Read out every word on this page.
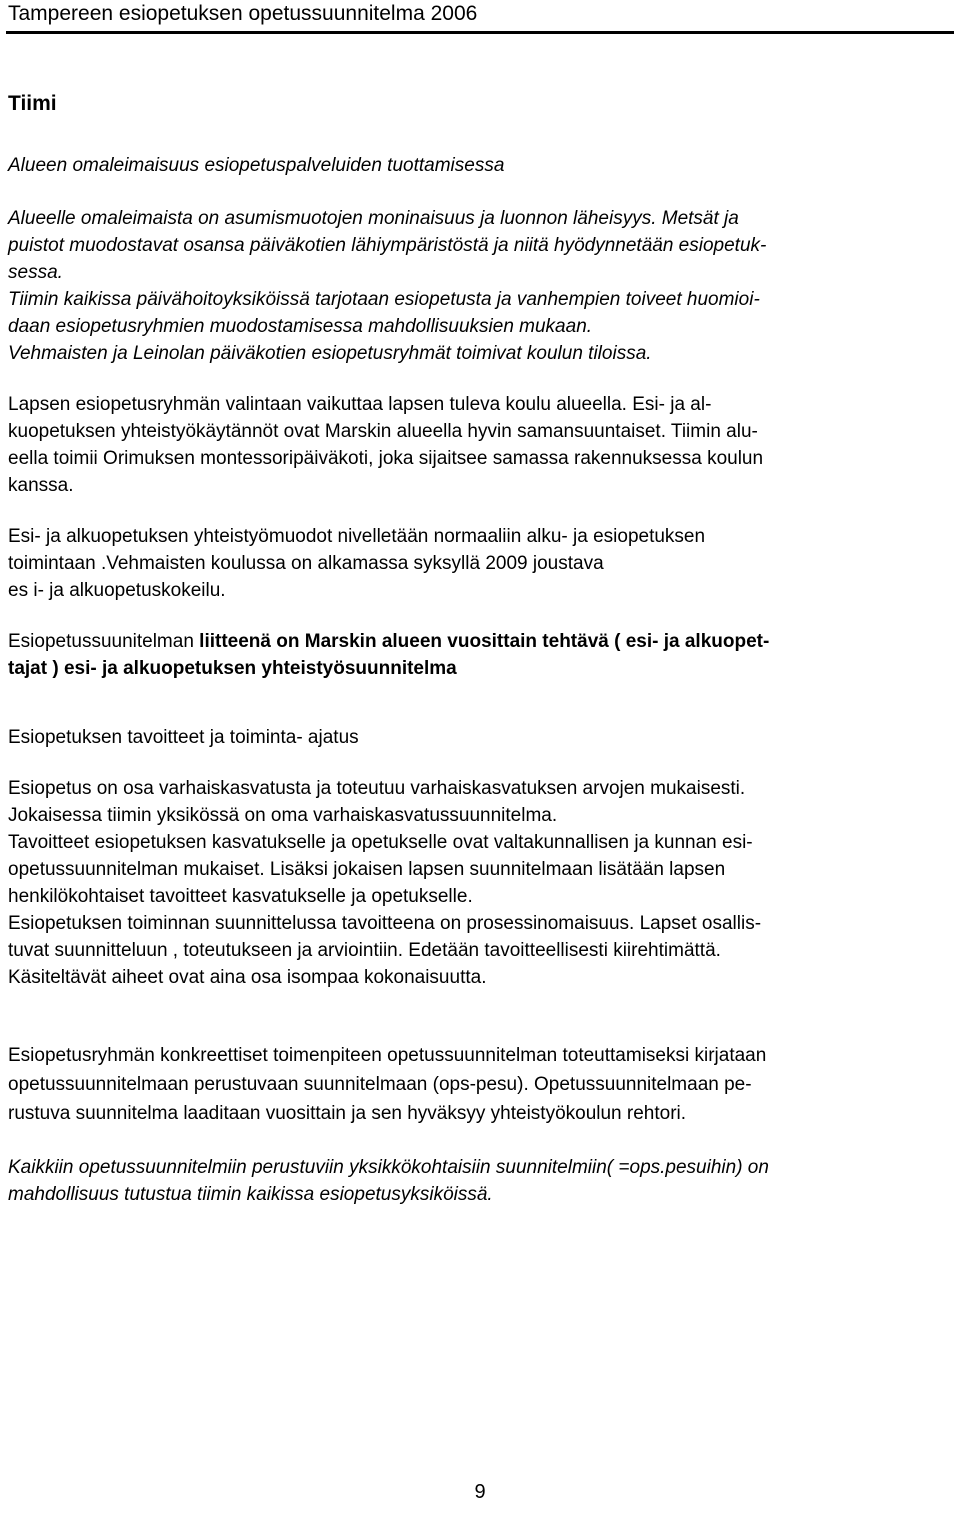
Tampereen esiopetuksen opetussuunnitelma 2006

Tiimi

Alueen omaleimaisuus esiopetuspalveluiden tuottamisessa

Alueelle omaleimaista on asumismuotojen moninaisuus ja luonnon läheisyys. Metsät ja

puistot muodostavat osansa päiväkotien lähiympäristöstä ja niitä hyödynnetään esiopetuk-

sessa.

Tiimin kaikissa päivähoitoyksiköissä tarjotaan esiopetusta ja vanhempien toiveet huomioi-

daan esiopetusryhmien muodostamisessa mahdollisuuksien mukaan.

Vehmaisten ja Leinolan päiväkotien esiopetusryhmät toimivat koulun tiloissa.

Lapsen esiopetusryhmän valintaan vaikuttaa lapsen tuleva koulu alueella. Esi- ja al-

kuopetuksen yhteistyökäytännöt ovat Marskin alueella hyvin samansuuntaiset. Tiimin alu-

eella toimii Orimuksen montessoripäiväkoti, joka sijaitsee samassa rakennuksessa koulun

kanssa.

Esi- ja alkuopetuksen yhteistyömuodot nivelletään normaaliin alku- ja esiopetuksen

toimintaan .Vehmaisten koulussa on alkamassa syksyllä 2009 joustava

es i- ja alkuopetuskokeilu.

Esiopetussuunitelman liitteenä on Marskin alueen vuosittain tehtävä ( esi- ja alkuopet-

tajat ) esi- ja alkuopetuksen yhteistyösuunnitelma

Esiopetuksen tavoitteet ja toiminta- ajatus

Esiopetus on osa varhaiskasvatusta ja toteutuu varhaiskasvatuksen arvojen mukaisesti.

Jokaisessa tiimin yksikössä on oma varhaiskasvatussuunnitelma.

Tavoitteet esiopetuksen kasvatukselle ja opetukselle ovat valtakunnallisen ja kunnan esi-

opetussuunnitelman mukaiset. Lisäksi jokaisen lapsen suunnitelmaan lisätään lapsen

henkilökohtaiset tavoitteet kasvatukselle ja opetukselle.

Esiopetuksen toiminnan suunnittelussa tavoitteena on prosessinomaisuus. Lapset osallis-

tuvat suunnitteluun , toteutukseen ja arviointiin. Edetään tavoitteellisesti kiirehtimättä.

Käsiteltävät aiheet ovat aina osa isompaa kokonaisuutta.

Esiopetusryhmän konkreettiset toimenpiteen opetussuunnitelman toteuttamiseksi kirjataan

opetussuunnitelmaan perustuvaan suunnitelmaan (ops-pesu). Opetussuunnitelmaan pe-

rustuva suunnitelma laaditaan vuosittain ja sen hyväksyy yhteistyökoulun rehtori.

Kaikkiin opetussuunnitelmiin perustuviin yksikkökohtaisiin suunnitelmiin( =ops.pesuihin) on

mahdollisuus tutustua tiimin kaikissa esiopetusyksiköissä.

9
